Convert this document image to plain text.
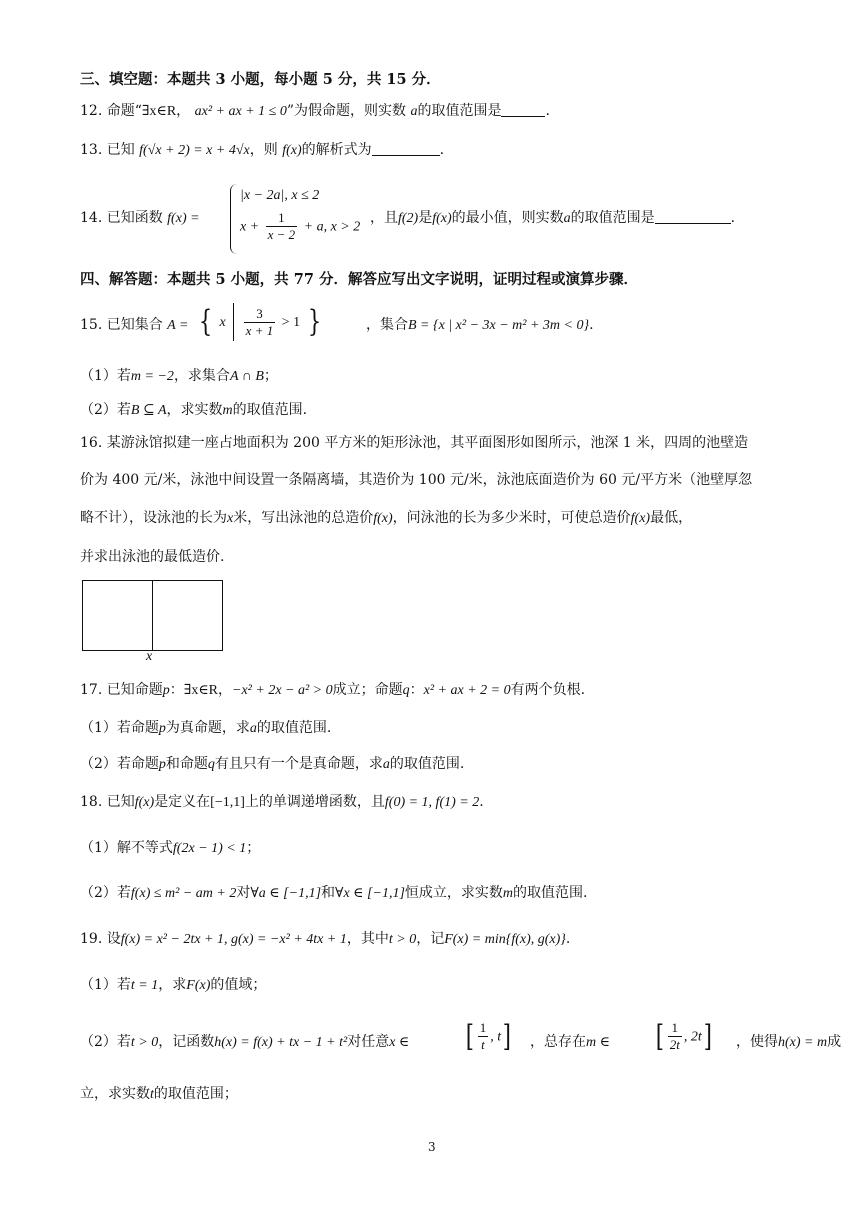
三、填空题：本题共 3 小题，每小题 5 分，共 15 分．
12. 命题“∃x∈R， ax² + ax + 1 ≤ 0”为假命题，则实数 a的取值范围是	.
13. 已知 f(√x + 2) = x + 4√x，则 f(x)的解析式为	.
14. 已知函数 f(x) =
|x − 2a|, x ≤ 2
$x + \frac{1}{x - 2} + a$, x > 2
，且f(2)是f(x)的最小值，则实数a的取值范围是	.
四、解答题：本题共 5 小题，共 77 分．解答应写出文字说明，证明过程或演算步骤．
15. 已知集合 A = { x $\frac{3}{x + 1} > 1$ }	，集合B = {x | x² − 3x − m² + 3m < 0}.
（1）若m = −2，求集合A ∩ B；
（2）若B ⊆ A，求实数m的取值范围.
16. 某游泳馆拟建一座占地面积为 200 平方米的矩形泳池，其平面图形如图所示，池深 1 米，四周的池壁造
价为 400 元/米，泳池中间设置一条隔离墙，其造价为 100 元/米，泳池底面造价为 60 元/平方米（池壁厚忽
略不计），设泳池的长为x米，写出泳池的总造价f(x)，问泳池的长为多少米时，可使总造价f(x)最低，
并求出泳池的最低造价.
x
17. 已知命题p：∃x∈R，−x² + 2x − a² > 0成立；命题q：x² + ax + 2 = 0有两个负根.
（1）若命题p为真命题，求a的取值范围.
（2）若命题p和命题q有且只有一个是真命题，求a的取值范围.
18. 已知f(x)是定义在[−1,1]上的单调递增函数，且f(0) = 1, f(1) = 2.
（1）解不等式f(2x − 1) < 1；
（2）若f(x) ≤ m² − am + 2对∀a ∈ [−1,1]和∀x ∈ [−1,1]恒成立，求实数m的取值范围.
19. 设f(x) = x² − 2tx + 1, g(x) = −x² + 4tx + 1，其中t > 0，记F(x) = min{f(x), g(x)}.
（1）若t = 1，求F(x)的值域；
（2）若t > 0，记函数h(x) = f(x) + tx − 1 + t²对任意x ∈ [ $\frac{1}{t}$ , t] ，总存在m ∈ [ $\frac{1}{2t}$ , 2t] ，使得h(x) = m成
立，求实数t的取值范围；
3
